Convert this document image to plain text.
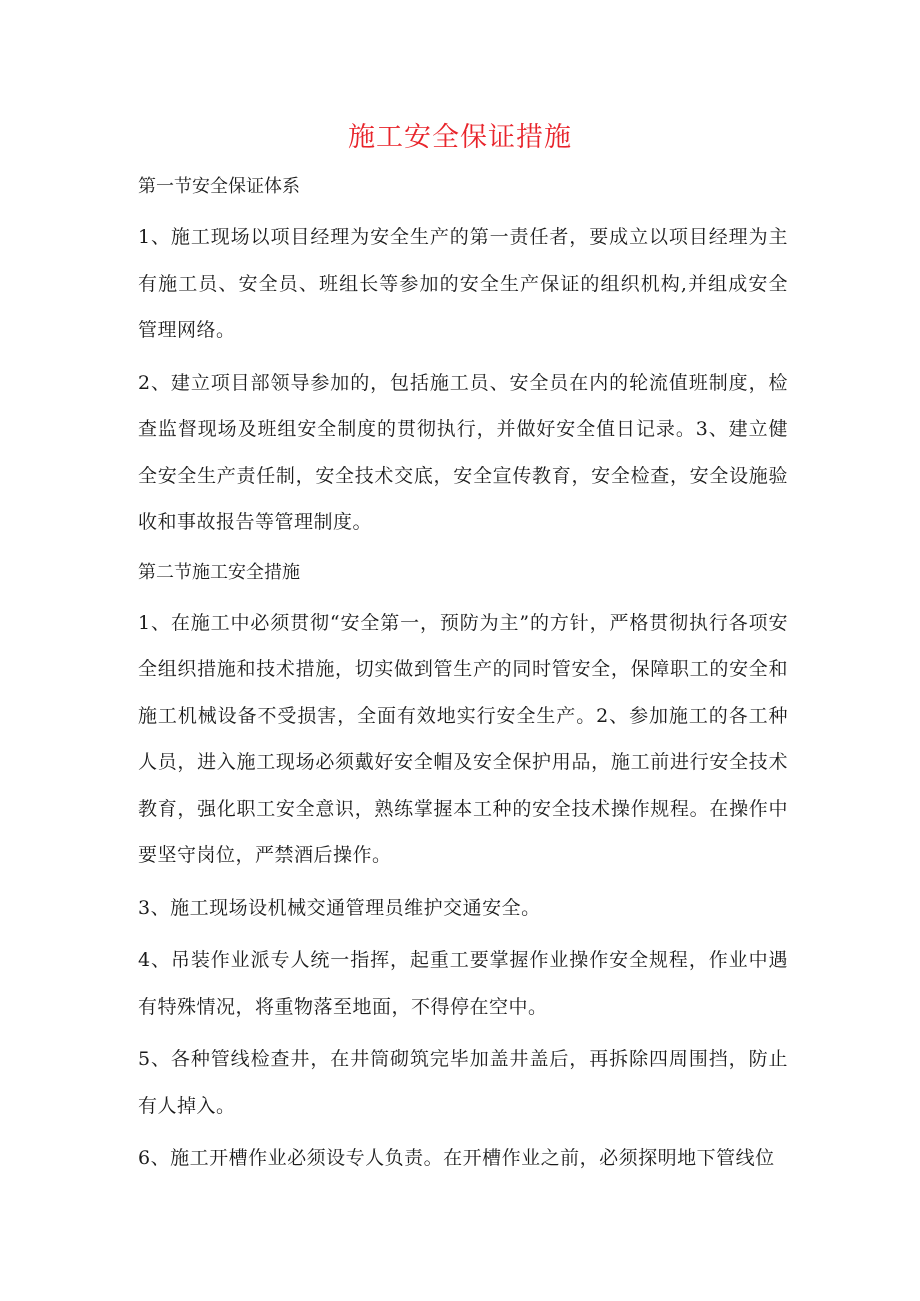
施工安全保证措施

第一节安全保证体系

1、施工现场以项目经理为安全生产的第一责任者，要成立以项目经理为主有施工员、安全员、班组长等参加的安全生产保证的组织机构,并组成安全管理网络。

2、建立项目部领导参加的，包括施工员、安全员在内的轮流值班制度，检查监督现场及班组安全制度的贯彻执行，并做好安全值日记录。3、建立健全安全生产责任制，安全技术交底，安全宣传教育，安全检查，安全设施验收和事故报告等管理制度。

第二节施工安全措施

1、在施工中必须贯彻“安全第一，预防为主”的方针，严格贯彻执行各项安全组织措施和技术措施，切实做到管生产的同时管安全，保障职工的安全和施工机械设备不受损害，全面有效地实行安全生产。2、参加施工的各工种人员，进入施工现场必须戴好安全帽及安全保护用品，施工前进行安全技术教育，强化职工安全意识，熟练掌握本工种的安全技术操作规程。在操作中要坚守岗位，严禁酒后操作。

3、施工现场设机械交通管理员维护交通安全。

4、吊装作业派专人统一指挥，起重工要掌握作业操作安全规程，作业中遇有特殊情况，将重物落至地面，不得停在空中。

5、各种管线检查井，在井筒砌筑完毕加盖井盖后，再拆除四周围挡，防止有人掉入。

6、施工开槽作业必须设专人负责。在开槽作业之前，必须探明地下管线位
